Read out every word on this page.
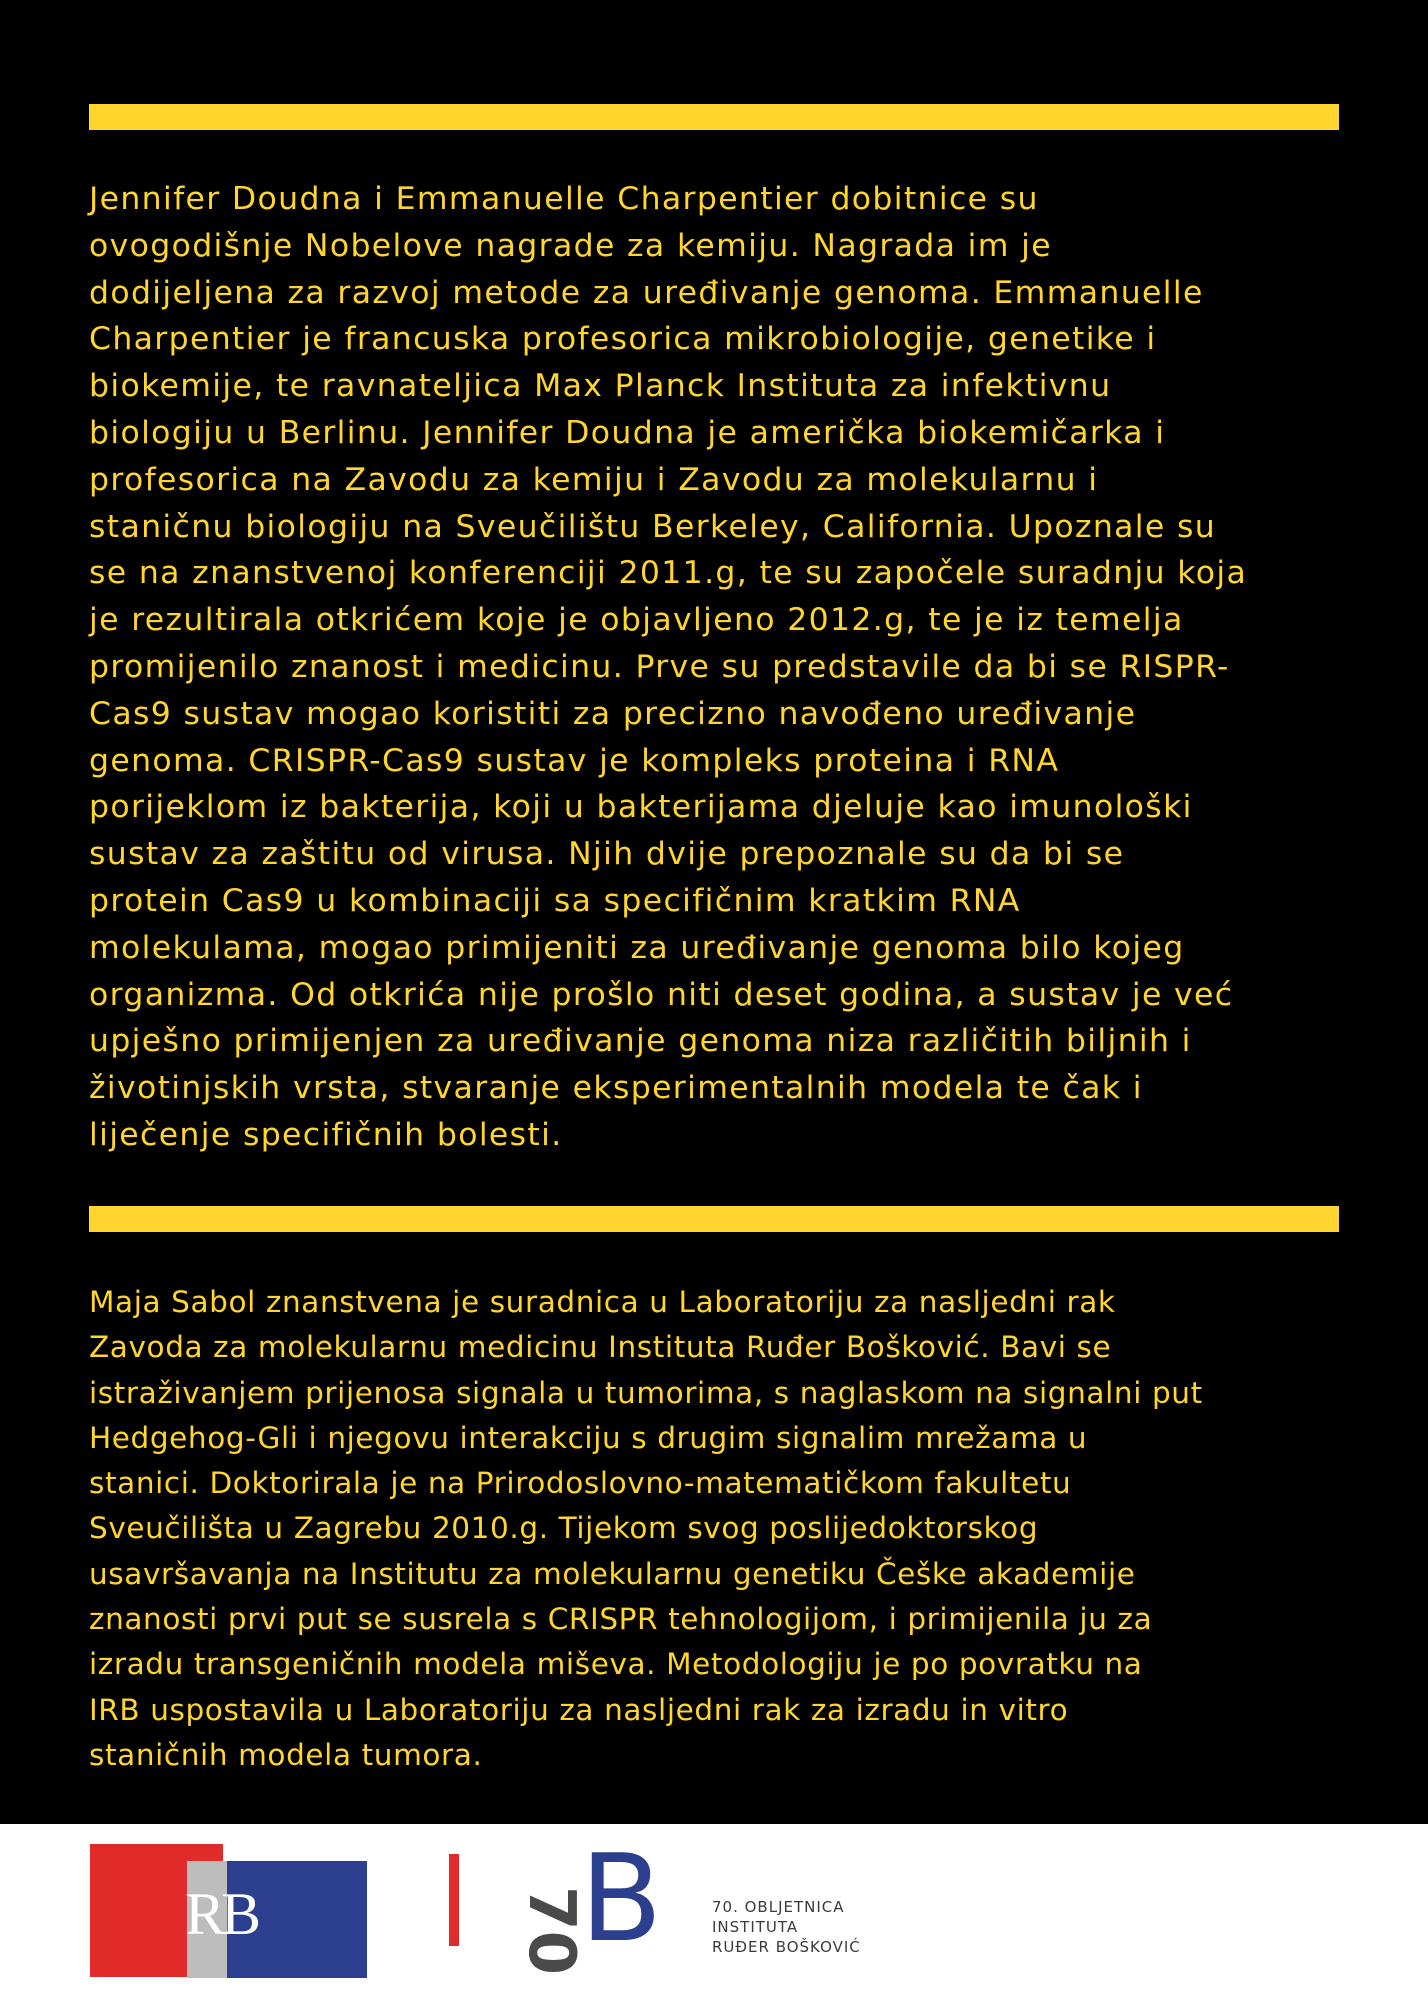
Jennifer Doudna i Emmanuelle Charpentier dobitnice su
ovogodišnje Nobelove nagrade za kemiju. Nagrada im je
dodijeljena za razvoj metode za uređivanje genoma. Emmanuelle
Charpentier je francuska profesorica mikrobiologije, genetike i
biokemije, te ravnateljica Max Planck Instituta za infektivnu
biologiju u Berlinu. Jennifer Doudna je američka biokemičarka i
profesorica na Zavodu za kemiju i Zavodu za molekularnu i
staničnu biologiju na Sveučilištu Berkeley, California. Upoznale su
se na znanstvenoj konferenciji 2011.g, te su započele suradnju koja
je rezultirala otkrićem koje je objavljeno 2012.g, te je iz temelja
promijenilo znanost i medicinu. Prve su predstavile da bi se RISPR-
Cas9 sustav mogao koristiti za precizno navođeno uređivanje
genoma. CRISPR-Cas9 sustav je kompleks proteina i RNA
porijeklom iz bakterija, koji u bakterijama djeluje kao imunološki
sustav za zaštitu od virusa. Njih dvije prepoznale su da bi se
protein Cas9 u kombinaciji sa specifičnim kratkim RNA
molekulama, mogao primijeniti za uređivanje genoma bilo kojeg
organizma. Od otkrića nije prošlo niti deset godina, a sustav je već
upješno primijenjen za uređivanje genoma niza različitih biljnih i
životinjskih vrsta, stvaranje eksperimentalnih modela te čak i
liječenje specifičnih bolesti.

Maja Sabol znanstvena je suradnica u Laboratoriju za nasljedni rak
Zavoda za molekularnu medicinu Instituta Ruđer Bošković. Bavi se
istraživanjem prijenosa signala u tumorima, s naglaskom na signalni put
Hedgehog-Gli i njegovu interakciju s drugim signalim mrežama u
stanici. Doktorirala je na Prirodoslovno-matematičkom fakultetu
Sveučilišta u Zagrebu 2010.g. Tijekom svog poslijedoktorskog
usavršavanja na Institutu za molekularnu genetiku Češke akademije
znanosti prvi put se susrela s CRISPR tehnologijom, i primijenila ju za
izradu transgeničnih modela miševa. Metodologiju je po povratku na
IRB uspostavila u Laboratoriju za nasljedni rak za izradu in vitro
staničnih modela tumora.

RB	70
B	70. OBLJETNICA
INSTITUTA
RUĐER BOŠKOVIĆ
